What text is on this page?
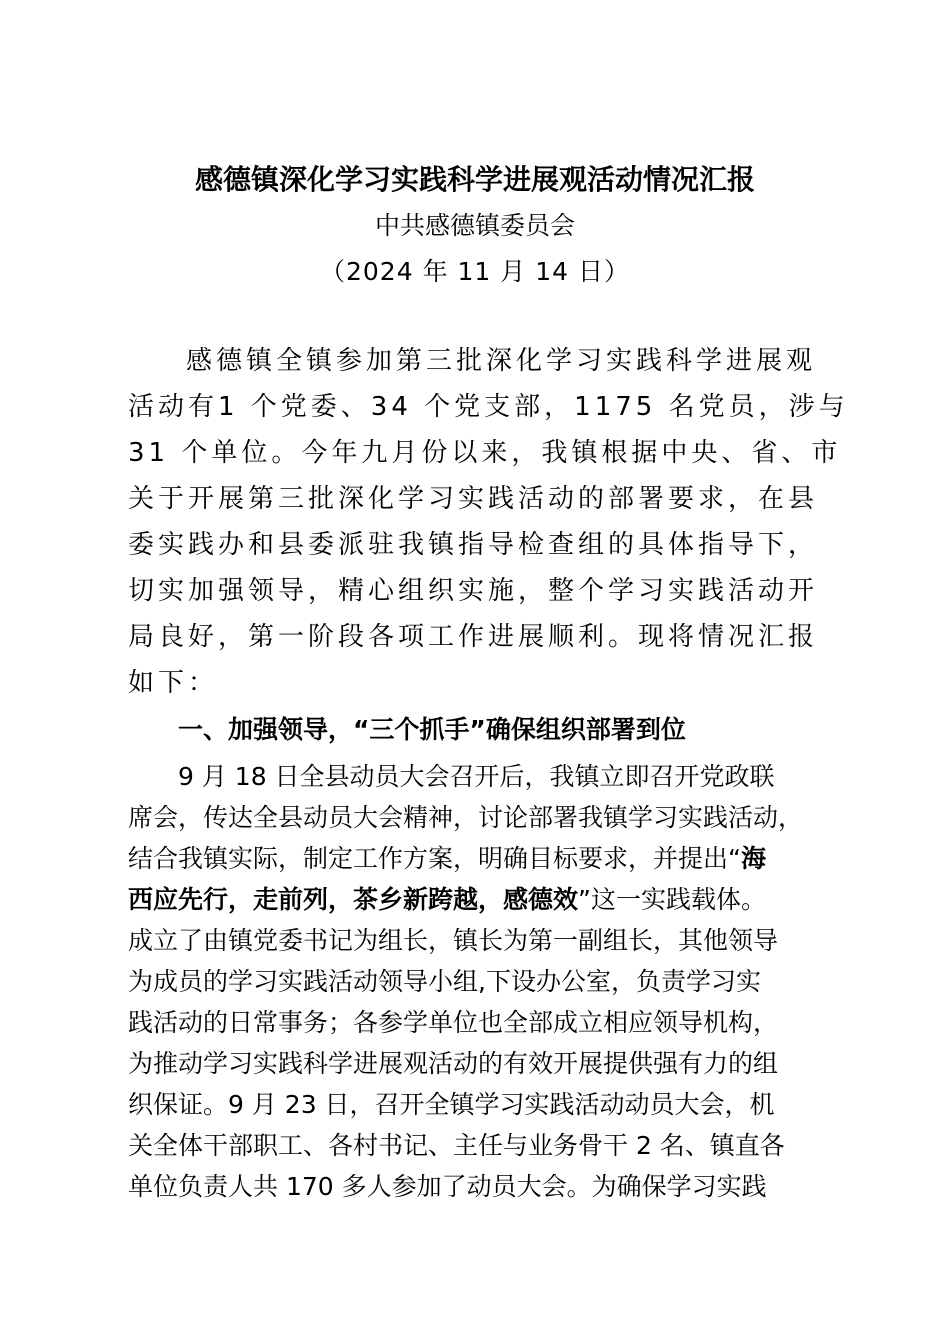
感德镇深化学习实践科学进展观活动情况汇报
中共感德镇委员会
（2024 年 11 月 14 日）
感德镇全镇参加第三批深化学习实践科学进展观
活动有1 个党委、34 个党支部，1175 名党员，涉与
31 个单位。今年九月份以来，我镇根据中央、省、市
关于开展第三批深化学习实践活动的部署要求，在县
委实践办和县委派驻我镇指导检查组的具体指导下，
切实加强领导，精心组织实施，整个学习实践活动开
局良好，第一阶段各项工作进展顺利。现将情况汇报
如下：
一、加强领导，“三个抓手”确保组织部署到位
9 月 18 日全县动员大会召开后，我镇立即召开党政联
席会，传达全县动员大会精神，讨论部署我镇学习实践活动，
结合我镇实际，制定工作方案，明确目标要求，并提出“海
西应先行，走前列，茶乡新跨越，感德效”这一实践载体。
成立了由镇党委书记为组长，镇长为第一副组长，其他领导
为成员的学习实践活动领导小组,下设办公室，负责学习实
践活动的日常事务；各参学单位也全部成立相应领导机构，
为推动学习实践科学进展观活动的有效开展提供强有力的组
织保证。9 月 23 日，召开全镇学习实践活动动员大会，机
关全体干部职工、各村书记、主任与业务骨干 2 名、镇直各
单位负责人共 170 多人参加了动员大会。为确保学习实践
